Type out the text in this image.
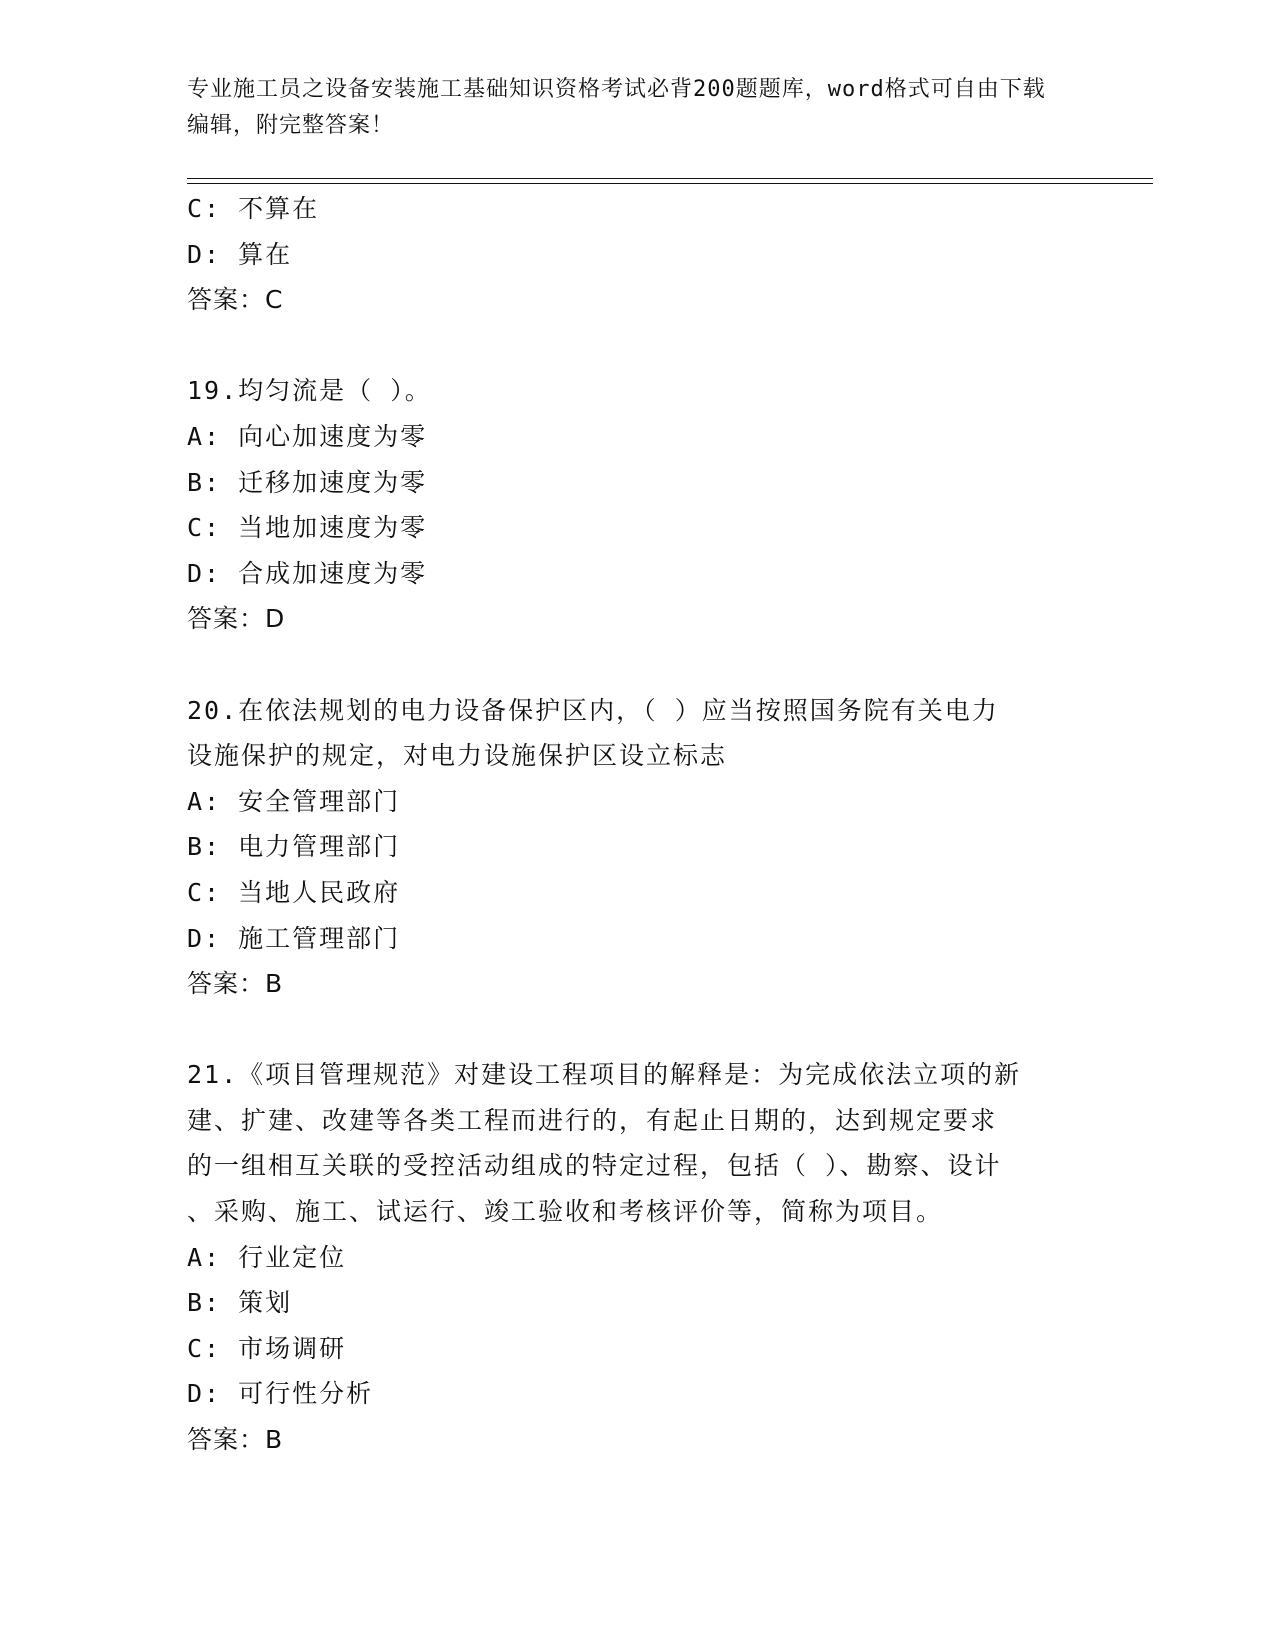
专业施工员之设备安装施工基础知识资格考试必背200题题库，word格式可自由下载编辑，附完整答案！
C: 不算在
D: 算在
答案：C
19.均匀流是（ ）。
A: 向心加速度为零
B: 迁移加速度为零
C: 当地加速度为零
D: 合成加速度为零
答案：D
20.在依法规划的电力设备保护区内，（ ）应当按照国务院有关电力
设施保护的规定，对电力设施保护区设立标志
A: 安全管理部门
B: 电力管理部门
C: 当地人民政府
D: 施工管理部门
答案：B
21.《项目管理规范》对建设工程项目的解释是：为完成依法立项的新
建、扩建、改建等各类工程而进行的，有起止日期的，达到规定要求
的一组相互关联的受控活动组成的特定过程，包括（ ）、勘察、设计
、采购、施工、试运行、竣工验收和考核评价等，简称为项目。
A: 行业定位
B: 策划
C: 市场调研
D: 可行性分析
答案：B
